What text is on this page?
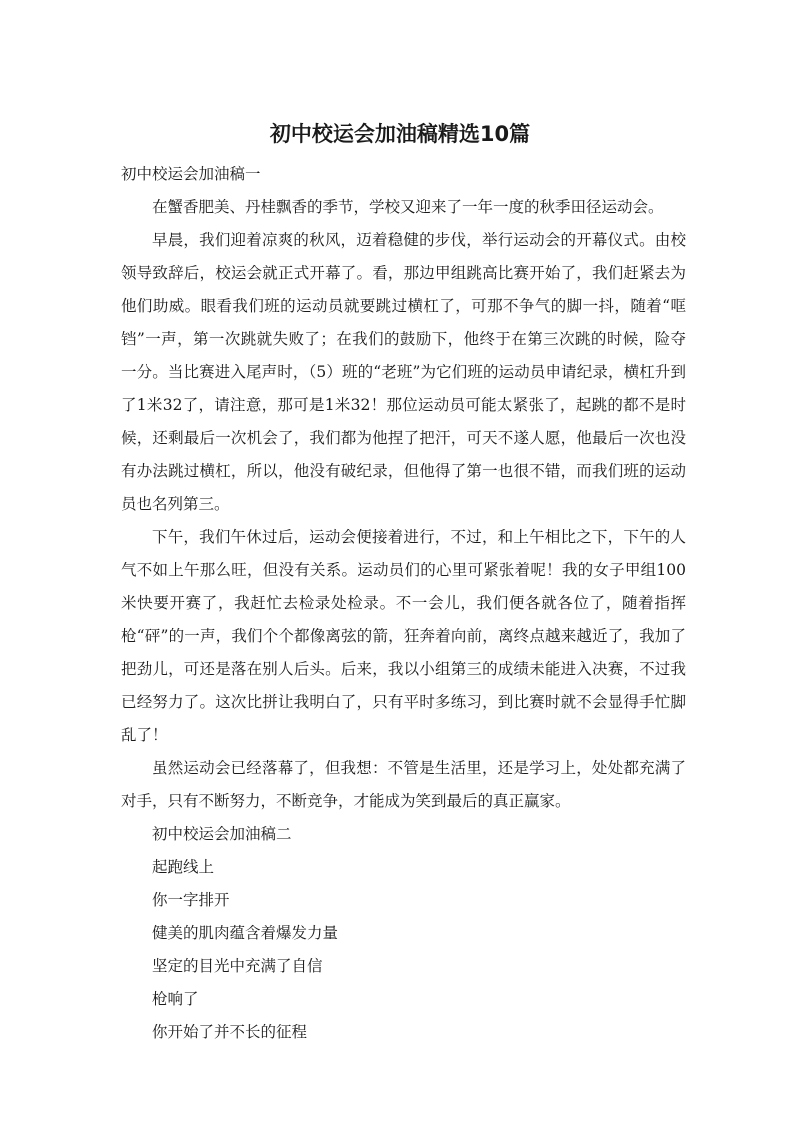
初中校运会加油稿精选10篇

初中校运会加油稿一

在蟹香肥美、丹桂飘香的季节，学校又迎来了一年一度的秋季田径运动会。

早晨，我们迎着凉爽的秋风，迈着稳健的步伐，举行运动会的开幕仪式。由校领导致辞后，校运会就正式开幕了。看，那边甲组跳高比赛开始了，我们赶紧去为他们助威。眼看我们班的运动员就要跳过横杠了，可那不争气的脚一抖，随着“哐铛”一声，第一次跳就失败了；在我们的鼓励下，他终于在第三次跳的时候，险夺一分。当比赛进入尾声时，（5）班的“老班”为它们班的运动员申请纪录，横杠升到了1米32了，请注意，那可是1米32！那位运动员可能太紧张了，起跳的都不是时候，还剩最后一次机会了，我们都为他捏了把汗，可天不遂人愿，他最后一次也没有办法跳过横杠，所以，他没有破纪录，但他得了第一也很不错，而我们班的运动员也名列第三。

下午，我们午休过后，运动会便接着进行，不过，和上午相比之下，下午的人气不如上午那么旺，但没有关系。运动员们的心里可紧张着呢！我的女子甲组100米快要开赛了，我赶忙去检录处检录。不一会儿，我们便各就各位了，随着指挥枪“砰”的一声，我们个个都像离弦的箭，狂奔着向前，离终点越来越近了，我加了把劲儿，可还是落在别人后头。后来，我以小组第三的成绩未能进入决赛，不过我已经努力了。这次比拼让我明白了，只有平时多练习，到比赛时就不会显得手忙脚乱了！

虽然运动会已经落幕了，但我想：不管是生活里，还是学习上，处处都充满了对手，只有不断努力，不断竞争，才能成为笑到最后的真正赢家。

初中校运会加油稿二

起跑线上

你一字排开

健美的肌肉蕴含着爆发力量

坚定的目光中充满了自信

枪响了

你开始了并不长的征程
